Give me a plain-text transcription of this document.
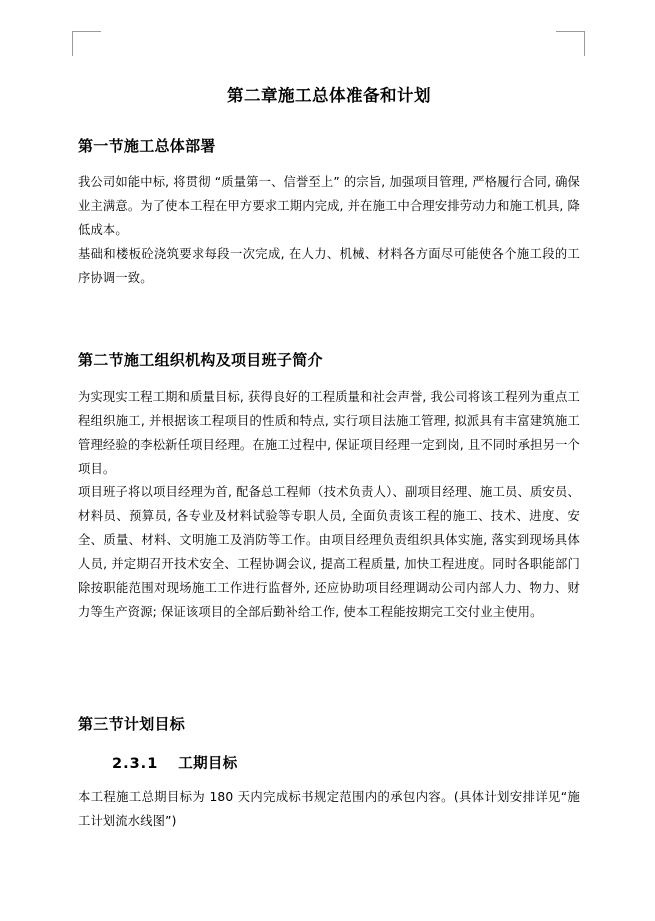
第二章施工总体准备和计划
第一节施工总体部署

我公司如能中标, 将贯彻 “质量第一、信誉至上” 的宗旨, 加强项目管理, 严格履行合同, 确保业主满意。为了使本工程在甲方要求工期内完成, 并在施工中合理安排劳动力和施工机具, 降低成本。

基础和楼板砼浇筑要求每段一次完成, 在人力、机械、材料各方面尽可能使各个施工段的工序协调一致。

第二节施工组织机构及项目班子简介

为实现实工程工期和质量目标, 获得良好的工程质量和社会声誉, 我公司将该工程列为重点工程组织施工, 并根据该工程项目的性质和特点, 实行项目法施工管理, 拟派具有丰富建筑施工管理经验的李松新任项目经理。在施工过程中, 保证项目经理一定到岗, 且不同时承担另一个项目。

项目班子将以项目经理为首, 配备总工程师（技术负责人）、副项目经理、施工员、质安员、材料员、预算员, 各专业及材料试验等专职人员, 全面负责该工程的施工、技术、进度、安全、质量、材料、文明施工及消防等工作。由项目经理负责组织具体实施, 落实到现场具体人员, 并定期召开技术安全、工程协调会议, 提高工程质量, 加快工程进度。同时各职能部门除按职能范围对现场施工工作进行监督外, 还应协助项目经理调动公司内部人力、物力、财力等生产资源; 保证该项目的全部后勤补给工作, 使本工程能按期完工交付业主使用。

第三节计划目标
2.3.1 工期目标

本工程施工总期目标为 180 天内完成标书规定范围内的承包内容。(具体计划安排详见“施工计划流水线图”)
